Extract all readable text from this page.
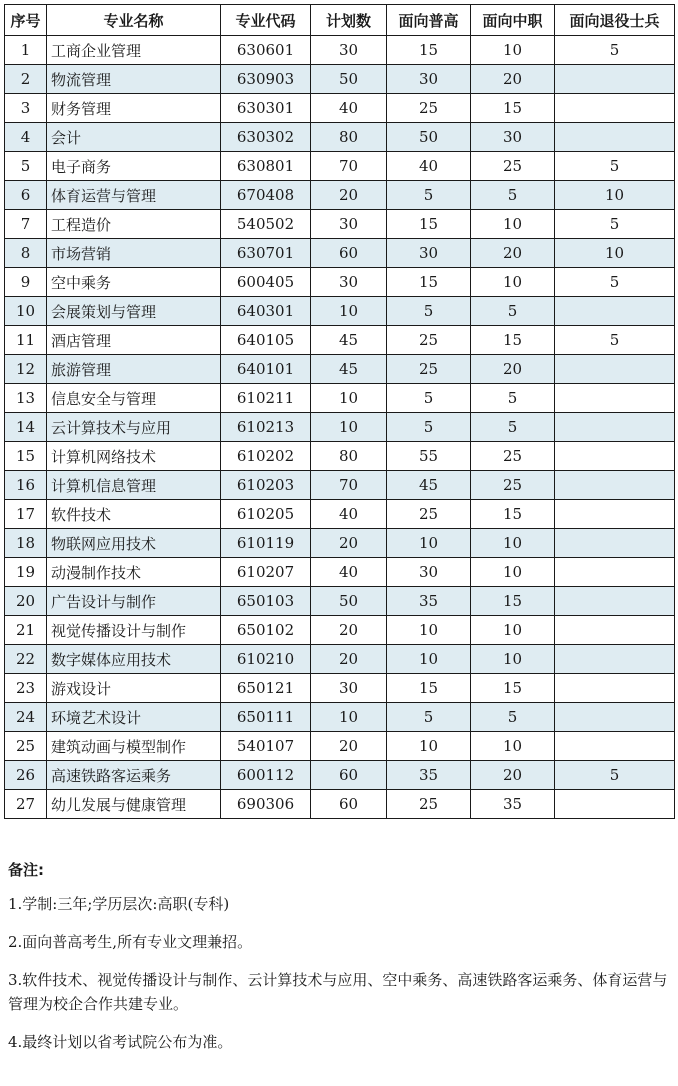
序号	专业名称	专业代码	计划数	面向普高	面向中职	面向退役士兵
1	工商企业管理	630601	30	15	10	5
2	物流管理	630903	50	30	20	
3	财务管理	630301	40	25	15	
4	会计	630302	80	50	30	
5	电子商务	630801	70	40	25	5
6	体育运营与管理	670408	20	5	5	10
7	工程造价	540502	30	15	10	5
8	市场营销	630701	60	30	20	10
9	空中乘务	600405	30	15	10	5
10	会展策划与管理	640301	10	5	5	
11	酒店管理	640105	45	25	15	5
12	旅游管理	640101	45	25	20	
13	信息安全与管理	610211	10	5	5	
14	云计算技术与应用	610213	10	5	5	
15	计算机网络技术	610202	80	55	25	
16	计算机信息管理	610203	70	45	25	
17	软件技术	610205	40	25	15	
18	物联网应用技术	610119	20	10	10	
19	动漫制作技术	610207	40	30	10	
20	广告设计与制作	650103	50	35	15	
21	视觉传播设计与制作	650102	20	10	10	
22	数字媒体应用技术	610210	20	10	10	
23	游戏设计	650121	30	15	15	
24	环境艺术设计	650111	10	5	5	
25	建筑动画与模型制作	540107	20	10	10	
26	高速铁路客运乘务	600112	60	35	20	5
27	幼儿发展与健康管理	690306	60	25	35	
备注:

1.学制:三年;学历层次:高职(专科)

2.面向普高考生,所有专业文理兼招。

3.软件技术、视觉传播设计与制作、云计算技术与应用、空中乘务、高速铁路客运乘务、体育运营与管理为校企合作共建专业。

4.最终计划以省考试院公布为准。
